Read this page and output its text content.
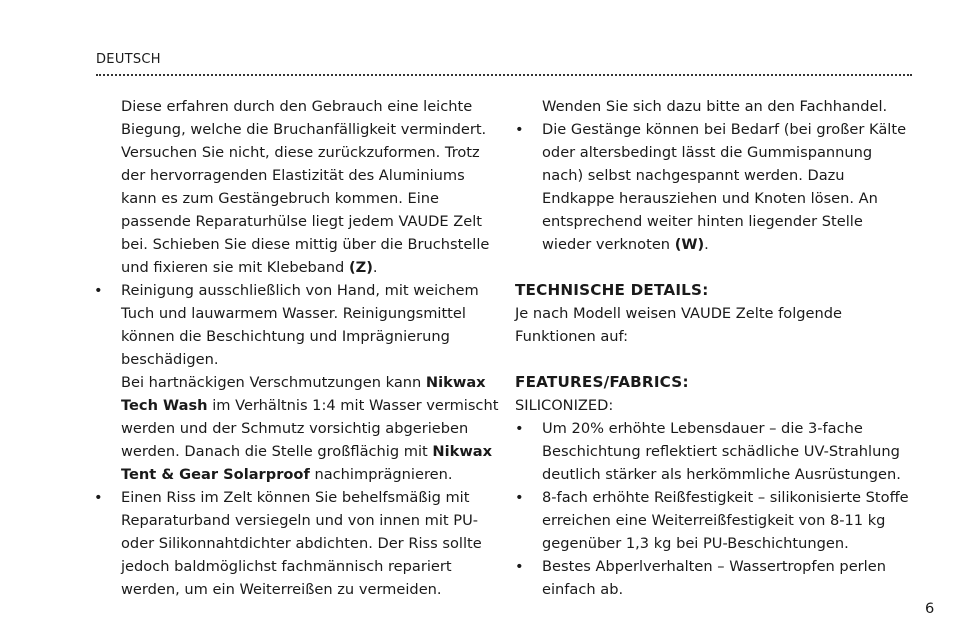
DEUTSCH

Diese erfahren durch den Gebrauch eine leichte Biegung, welche die Bruchanfälligkeit vermindert. Versuchen Sie nicht, diese zurückzuformen. Trotz der hervorragenden Elastizität des Aluminiums kann es zum Gestängebruch kommen. Eine passende Reparaturhülse liegt jedem VAUDE Zelt bei. Schieben Sie diese mittig über die Bruchstelle und fixieren sie mit Klebeband (Z).

•	Reinigung ausschließlich von Hand, mit weichem Tuch und lauwarmem Wasser. Reinigungsmittel können die Beschichtung und Imprägnierung beschädigen.

Bei hartnäckigen Verschmutzungen kann Nikwax Tech Wash im Verhältnis 1:4 mit Wasser vermischt werden und der Schmutz vorsichtig abgerieben werden. Danach die Stelle großflächig mit Nikwax Tent & Gear Solarproof nachimprägnieren.

•	Einen Riss im Zelt können Sie behelfsmäßig mit Reparaturband versiegeln und von innen mit PU- oder Silikonnahtdichter abdichten. Der Riss sollte jedoch baldmöglichst fachmännisch repariert werden, um ein Weiterreißen zu vermeiden.

Wenden Sie sich dazu bitte an den Fachhandel.

•	Die Gestänge können bei Bedarf (bei großer Kälte oder altersbedingt lässt die Gummispannung nach) selbst nachgespannt werden. Dazu Endkappe herausziehen und Knoten lösen. An entsprechend weiter hinten liegender Stelle wieder verknoten (W).

TECHNISCHE DETAILS:

Je nach Modell weisen VAUDE Zelte folgende Funktionen auf:

FEATURES/FABRICS:

SILICONIZED:

•	Um 20% erhöhte Lebensdauer – die 3-fache Beschichtung reflektiert schädliche UV-Strahlung deutlich stärker als herkömmliche Ausrüstungen.

•	8-fach erhöhte Reißfestigkeit – silikonisierte Stoffe erreichen eine Weiterreißfestigkeit von 8-11 kg gegenüber 1,3 kg bei PU-Beschichtungen.

•	Bestes Abperlverhalten – Wassertropfen perlen einfach ab.

6
